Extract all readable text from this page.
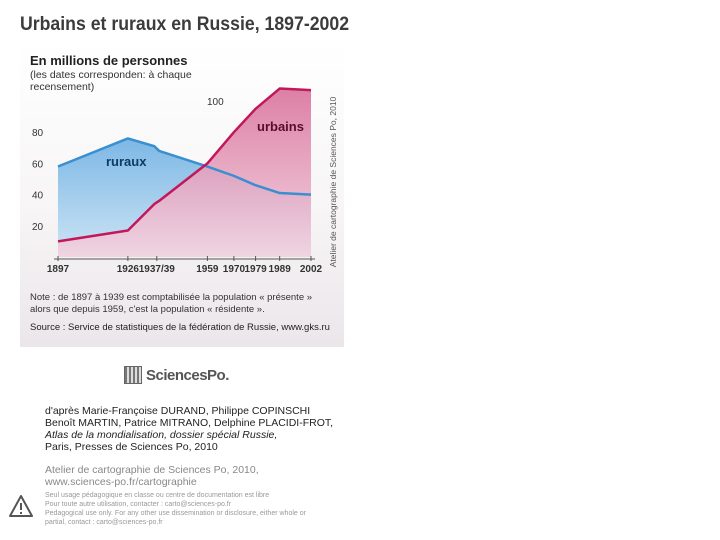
Urbains et ruraux en Russie, 1897-2002
20
40
60
80
100
1897	1926 1937/39 1959 1970 1979 1989 2002
urbains
ruraux
En millions de personnes
(les dates corresponden: à chaque recensement)
Atelier de cartographie de Sciences Po, 2010
Note : de 1897 à 1939 est comptabilisée la population « présente » alors que depuis 1959, c'est la population « résidente ».
Source : Service de statistiques de la fédération de Russie, www.gks.ru
SciencesPo.
d'après Marie-Françoise DURAND, Philippe COPINSCHI
Benoît MARTIN, Patrice MITRANO, Delphine PLACIDI-FROT,
Atlas de la mondialisation, dossier spécial Russie,
Paris, Presses de Sciences Po, 2010
Atelier de cartographie de Sciences Po, 2010,
www.sciences-po.fr/cartographie
Seul usage pédagogique en classe ou centre de documentation est libre
Pour toute autre utilisation, contacter : carto@sciences-po.fr
Pedagogical use only. For any other use dissemination or disclosure, either whole or
partial, contact : carto@sciences-po.fr
